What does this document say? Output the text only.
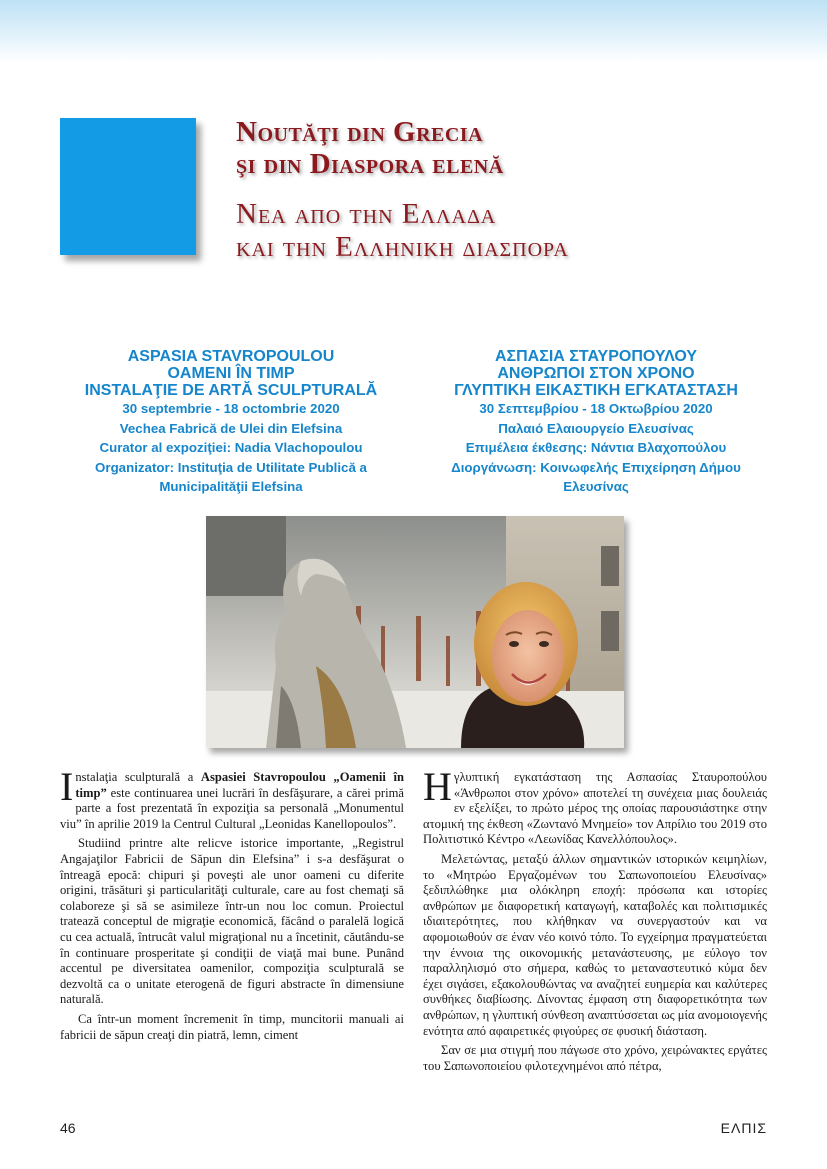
Noutăţi din Grecia
şi din Diaspora elenă
Νεα απο την Ελλαδα
και την Ελληνικη διασπορα
ASPASIA STAVROPOULOU
OAMENI ÎN TIMP
INSTALAŢIE DE ARTĂ SCULPTURALĂ
30 septembrie - 18 octombrie 2020
Vechea Fabrică de Ulei din Elefsina
Curator al expoziţiei: Nadia Vlachopoulou
Organizator: Instituţia de Utilitate Publică a
Municipalităţii Elefsina
ΑΣΠΑΣΙΑ ΣΤΑΥΡΟΠΟΥΛΟΥ
ΑΝΘΡΩΠΟΙ ΣΤΟΝ ΧΡΟΝΟ
ΓΛΥΠΤΙΚΗ ΕΙΚΑΣΤΙΚΗ ΕΓΚΑΤΑΣΤΑΣΗ
30 Σεπτεμβρίου - 18 Οκτωβρίου 2020
Παλαιό Ελαιουργείο Ελευσίνας
Επιμέλεια έκθεσης: Νάντια Βλαχοπούλου
Διοργάνωση: Κοινωφελής Επιχείρηση Δήμου
Ελευσίνας

Instalaţia sculpturală a Aspasiei Stavropoulou „Oamenii în timp” este continuarea unei lucrări în desfăşurare, a cărei primă parte a fost prezentată în expoziţia sa personală „Monumentul viu” în aprilie 2019 la Centrul Cultural „Leonidas Kanellopoulos”.

Studiind printre alte relicve istorice importante, „Registrul Angajaţilor Fabricii de Săpun din Elefsina” i s-a desfăşurat o întreagă epocă: chipuri şi poveşti ale unor oameni cu diferite origini, trăsături şi particularităţi culturale, care au fost chemaţi să colaboreze şi să se asimileze într-un nou loc comun. Proiectul tratează conceptul de migraţie economică, făcând o paralelă logică cu cea actuală, întrucât valul migraţional nu a încetinit, căutându-se în continuare prosperitate şi condiţii de viaţă mai bune. Punând accentul pe diversitatea oamenilor, compoziţia sculpturală se dezvoltă ca o unitate eterogenă de figuri abstracte în dimensiune naturală.

Ca într-un moment încremenit în timp, muncitorii manuali ai fabricii de săpun creaţi din piatră, lemn, ciment

Η γλυπτική εγκατάσταση της Ασπασίας Σταυροπούλου «Άνθρωποι στον χρόνο» αποτελεί τη συνέχεια μιας δουλειάς εν εξελίξει, το πρώτο μέρος της οποίας παρουσιάστηκε στην ατομική της έκθεση «Ζωντανό Μνημείο» τον Απρίλιο του 2019 στο Πολιτιστικό Κέντρο «Λεωνίδας Κανελλόπουλος».

Μελετώντας, μεταξύ άλλων σημαντικών ιστορικών κειμηλίων, το «Μητρώο Εργαζομένων του Σαπωνοποιείου Ελευσίνας» ξεδιπλώθηκε μια ολόκληρη εποχή: πρόσωπα και ιστορίες ανθρώπων με διαφορετική καταγωγή, καταβολές και πολιτισμικές ιδιαιτερότητες, που κλήθηκαν να συνεργαστούν και να αφομοιωθούν σε έναν νέο κοινό τόπο. Το εγχείρημα πραγματεύεται την έννοια της οικονομικής μετανάστευσης, με εύλογο τον παραλληλισμό στο σήμερα, καθώς το μεταναστευτικό κύμα δεν έχει σιγάσει, εξακολουθώντας να αναζητεί ευημερία και καλύτερες συνθήκες διαβίωσης. Δίνοντας έμφαση στη διαφορετικότητα των ανθρώπων, η γλυπτική σύνθεση αναπτύσσεται ως μία ανομοιογενής ενότητα από αφαιρετικές φιγούρες σε φυσική διάσταση.

Σαν σε μια στιγμή που πάγωσε στο χρόνο, χειρώνακτες εργάτες του Σαπωνοποιείου φιλοτεχνημένοι από πέτρα,

46	ΕΛΠΙΣ
